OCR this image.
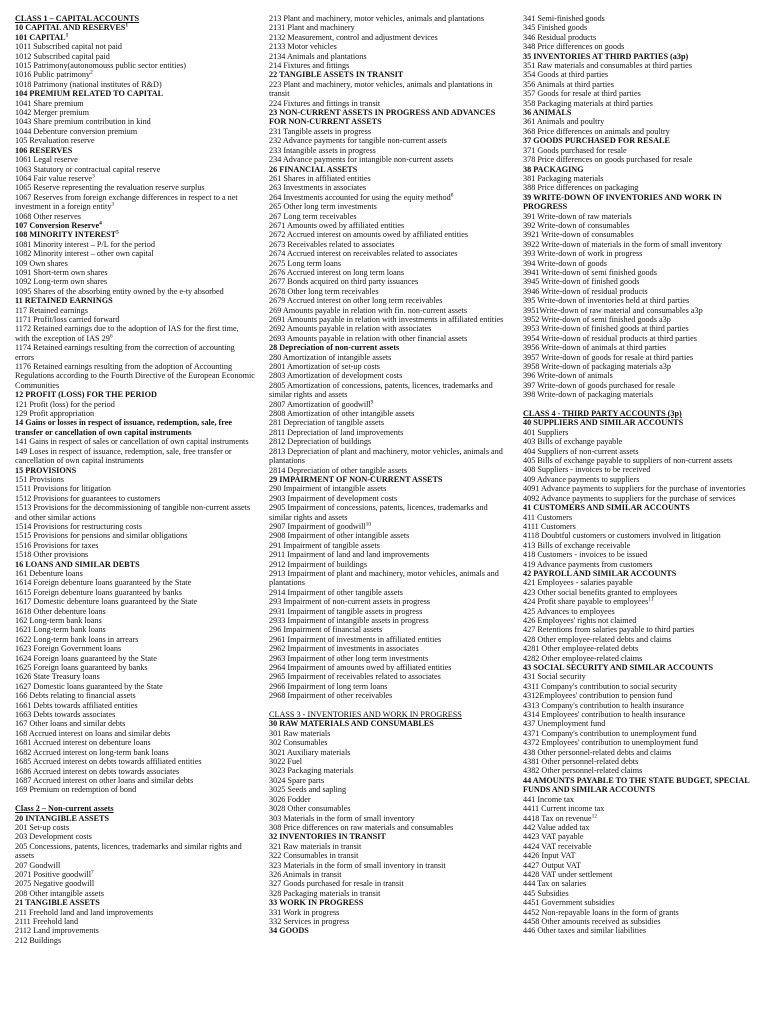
CLASS 1 – CAPITAL ACCOUNTS
10 CAPITAL AND RESERVES$^1$
101 CAPITAL$^1$
1011 Subscribed capital not paid
1012 Subscribed capital paid
1015 Patrimony(autonomouss public sector entities)
1016 Public patrimony$^2$
1018 Patrimony (national institutes of R&D)
104 PREMIUM RELATED TO CAPITAL
1041 Share premium
1042 Merger premium
1043 Share premium contribution in kind
1044 Debenture conversion premium
105 Revaluation reserve
106 RESERVES
1061 Legal reserve
1063 Statutory or contractual capital reserve
1064 Fair value reserve$^3$
1065 Reserve representing the revaluation reserve surplus
1067 Reserves from foreign exchange differences in respect to a net investment in a foreign entity$^3$
1068 Other reserves
107 Conversion Reserve$^4$
108 MINORITY INTEREST$^5$
1081 Minority interest – P/L for the period
1082 Minority interest – other own capital
109 Own shares
1091 Short-term own shares
1092 Long-term own shares
1095 Shares of the absorbing entity owned by the e-ty absorbed
11 RETAINED EARNINGS
117 Retained earnings
1171 Profit/loss carried forward
1172 Retained earnings due to the adoption of IAS for the first time, with the exception of IAS $29^6$
1174 Retained earnings resulting from the correction of accounting errors
1176 Retained earnings resulting from the adoption of Accounting Regulations according to the Fourth Directive of the European Economic Communities
12 PROFIT (LOSS) FOR THE PERIOD
121 Profit (loss) for the period
129 Profit appropriation
14 Gains or losses in respect of issuance, redemption, sale, free transfer or cancellation of own capital instruments
141 Gains in respect of sales or cancellation of own capital instruments
149 Loses in respect of issuance, redemption, sale, free transfer or cancellation of own capital instruments
15 PROVISIONS
151 Provisions
1511 Provisions for litigation
1512 Provisions for guarantees to customers
1513 Provisions for the decommissioning of tangible non-current assets and other similar actions
1514 Provisions for restructuring costs
1515 Provisions for pensions and similar obligations
1516 Provisions for taxes
1518 Other provisions
16 LOANS AND SIMILAR DEBTS
161 Debenture loans
1614 Foreign debenture loans guaranteed by the State
1615 Foreign debenture loans guaranteed by banks
1617 Domestic debenture loans guaranteed by the State
1618 Other debenture loans
162 Long-term bank loans
1621 Long-term bank loans
1622 Long-term bank loans in arrears
1623 Foreign Government loans
1624 Foreign loans guaranteed by the State
1625 Foreign loans guaranteed by banks
1626 State Treasury loans
1627 Domestic loans guaranteed by the State
166 Debts relating to financial assets
1661 Debts towards affiliated entities
1663 Debts towards associates
167 Other loans and similar debts
168 Accrued interest on loans and similar debts
1681 Accrued interest on debenture loans
1682 Accrued interest on long-term bank loans
1685 Accrued interest on debts towards affiliated entities
1686 Accrued interest on debts towards associates
1687 Accrued interest on other loans and similar debts
169 Premium on redemption of bond
Class 2 – Non-current assets
20 INTANGIBLE ASSETS
201 Set-up costs
203 Development costs
205 Concessions, patents, licences, trademarks and similar rights and assets
207 Goodwill
2071 Positive goodwill$^7$
2075 Negative goodwill
208 Other intangible assets
21 TANGIBLE ASSETS
211 Freehold land and land improvements
2111 Freehold land
2112 Land improvements
212 Buildings
213 Plant and machinery, motor vehicles, animals and plantations
2131 Plant and machinery
2132 Measurement, control and adjustment devices
2133 Motor vehicles
2134 Animals and plantations
214 Fixtures and fittings
22 TANGIBLE ASSETS IN TRANSIT
223 Plant and machinery, motor vehicles, animals and plantations in transit
224 Fixtures and fittings in transit
23 NON-CURRENT ASSETS IN PROGRESS AND ADVANCES FOR NON-CURRENT ASSETS
231 Tangible assets in progress
232 Advance payments for tangible non-current assets
233 Intangible assets in progress
234 Advance payments for intangible non-current assets
26 FINANCIAL ASSETS
261 Shares in affiliated entities
263 Investments in associates
264 Investments accounted for using the equity method$^8$
265 Other long term investments
267 Long term receivables
2671 Amounts owed by affiliated entities
2672 Accrued interest on amounts owed by affiliated entities
2673 Receivables related to associates
2674 Accrued interest on receivables related to associates
2675 Long term loans
2676 Accrued interest on long term loans
2677 Bonds acquired on third party issuances
2678 Other long term receivables
2679 Accrued interest on other long term receivables
269 Amounts payable in relation with fin. non-current assets
2691 Amounts payable in relation with investments in affiliated entities
2692 Amounts payable in relation with associates
2693 Amounts payable in relation with other financial assets
28 Depreciation of non-current assets
280 Amortization of intangible assets
2801 Amortization of set-up costs
2803 Amortization of development costs
2805 Amortization of concessions, patents, licences, trademarks and similar rights and assets
2807 Amortization of goodwill$^9$
2808 Amortization of other intangible assets
281 Depreciation of tangible assets
2811 Depreciation of land improvements
2812 Depreciation of buildings
2813 Depreciation of plant and machinery, motor vehicles, animals and plantations
2814 Depreciation of other tangible assets
29 IMPAIRMENT OF NON-CURRENT ASSETS
290 Impairment of intangible assets
2903 Impairment of development costs
2905 Impairment of concessions, patents, licences, trademarks and similar rights and assets
2907 Impairment of goodwill$^{10}$
2908 Impairment of other intangible assets
291 Impairment of tangible assets
2911 Impairment of land and land improvements
2912 Impairment of buildings
2913 Impairment of plant and machinery, motor vehicles, animals and plantations
2914 Impairment of other tangible assets
293 Impairment of non-current assets in progress
2931 Impairment of tangible assets in progress
2933 Impairment of intangible assets in progress
296 Impairment of financial assets
2961 Impairment of investments in affiliated entities
2962 Impairment of investments in associates
2963 Impairment of other long term investments
2964 Impairment of amounts owed by affiliated entities
2965 Impairment of receivables related to associates
2966 Impairment of long term loans
2968 Impairment of other receivables
CLASS 3 - INVENTORIES AND WORK IN PROGRESS
30 RAW MATERIALS AND CONSUMABLES
301 Raw materials
302 Consumables
3021 Auxiliary materials
3022 Fuel
3023 Packaging materials
3024 Spare parts
3025 Seeds and sapling
3026 Fodder
3028 Other consumables
303 Materials in the form of small inventory
308 Price differences on raw materials and consumables
32 INVENTORIES IN TRANSIT
321 Raw materials in transit
322 Consumables in transit
323 Materials in the form of small inventory in transit
326 Animals in transit
327 Goods purchased for resale in transit
328 Packaging materials in transit
33 WORK IN PROGRESS
331 Work in progress
332 Services in progress
34 GOODS
341 Semi-finished goods
345 Finished goods
346 Residual products
348 Price differences on goods
35 INVENTORIES AT THIRD PARTIES (a3p)
351 Raw materials and consumables at third parties
354 Goods at third parties
356 Animals at third parties
357 Goods for resale at third parties
358 Packaging materials at third parties
36 ANIMALS
361 Animals and poultry
368 Price differences on animals and poultry
37 GOODS PURCHASED FOR RESALE
371 Goods purchased for resale
378 Price differences on goods purchased for resale
38 PACKAGING
381 Packaging materials
388 Price differences on packaging
39 WRITE-DOWN OF INVENTORIES AND WORK IN PROGRESS
391 Write-down of raw materials
392 Write-down of consumables
3921 Write-down of consumables
3922 Write-down of materials in the form of small inventory
393 Write-down of work in progress
394 Write-down of goods
3941 Write-down of semi finished goods
3945 Write-down of finished goods
3946 Write-down of residual products
395 Write-down of inventories held at third parties
3951Write-down of raw material and consumables a3p
3952 Write-down of semi finished goods a3p
3953 Write-down of finished goods at third parties
3954 Write-down of residual products at third parties
3956 Write-down of animals at third parties
3957 Write-down of goods for resale at third parties
3958 Write-down of packaging materials a3p
396 Write-down of animals
397 Write-down of goods purchased for resale
398 Write-down of packaging materials
CLASS 4 - THIRD PARTY ACCOUNTS (3p)
40 SUPPLIERS AND SIMILAR ACCOUNTS
401 Suppliers
403 Bills of exchange payable
404 Suppliers of non-current assets
405 Bills of exchange payable to suppliers of non-current assets
408 Suppliers - invoices to be received
409 Advance payments to suppliers
4091 Advance payments to suppliers for the purchase of inventories
4092 Advance payments to suppliers for the purchase of services
41 CUSTOMERS AND SIMILAR ACCOUNTS
411 Customers
4111 Customers
4118 Doubtful customers or customers involved in litigation
413 Bills of exchange receivable
418 Customers - invoices to be issued
419 Advance payments from customers
42 PAYROLL AND SIMILAR ACCOUNTS
421 Employees - salaries payable
423 Other social benefits granted to employees
424 Profit share payable to employees$^{11}$
425 Advances to employees
426 Employees' rights not claimed
427 Retentions from salaries payable to third parties
428 Other employee-related debts and claims
4281 Other employee-related debts
4282 Other employee-related claims
43 SOCIAL SECURITY AND SIMILAR ACCOUNTS
431 Social security
4311 Company's contribution to social security
4312Employees' contribution to pension fund
4313 Company's contribution to health insurance
4314 Employees' contribution to health insurance
437 Unemployment fund
4371 Company's contribution to unemployment fund
4372 Employees' contribution to unemployment fund
438 Other personnel-related debts and claims
4381 Other personnel-related debts
4382 Other personnel-related claims
44 AMOUNTS PAYABLE TO THE STATE BUDGET, SPECIAL FUNDS AND SIMILAR ACCOUNTS
441 Income tax
4411 Current income tax
4418 Tax on revenue$^{12}$
442 Value added tax
4423 VAT payable
4424 VAT receivable
4426 Input VAT
4427 Output VAT
4428 VAT under settlement
444 Tax on salaries
445 Subsidies
4451 Government subsidies
4452 Non-repayable loans in the form of grants
4458 Other amounts received as subsidies
446 Other taxes and similar liabilities
